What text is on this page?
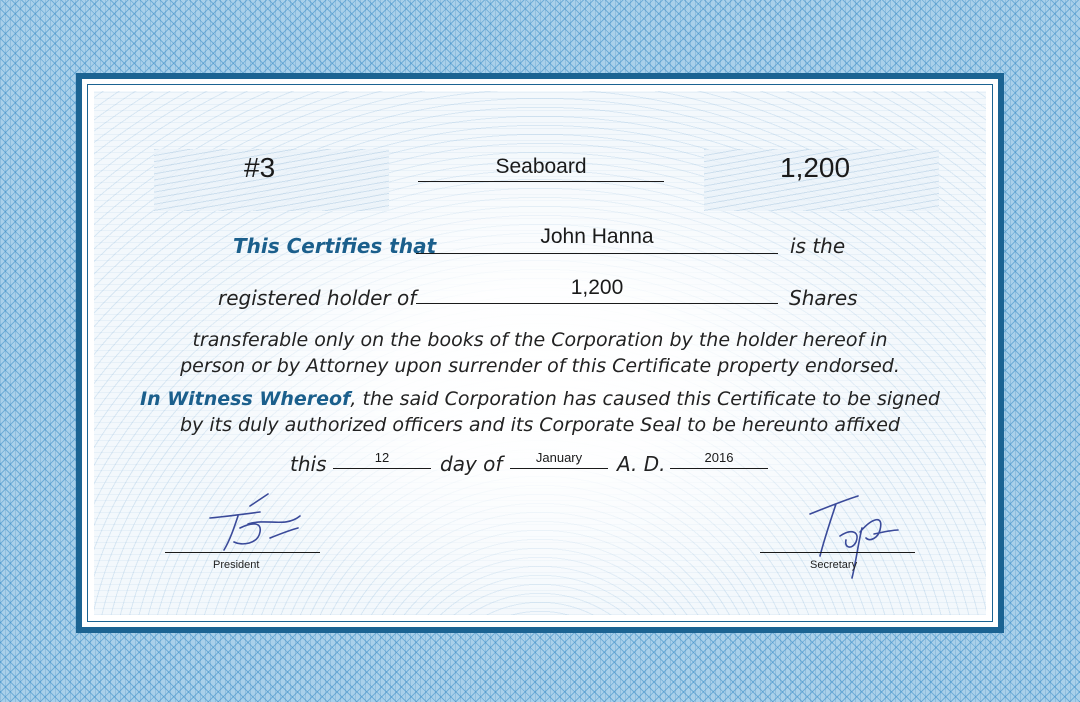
#3	Seaboard	1,200
This Certifies that	John Hanna	is the
registered holder of	1,200	Shares
transferable only on the books of the Corporation by the holder hereof in
person or by Attorney upon surrender of this Certificate property endorsed.
In Witness Whereof, the said Corporation has caused this Certificate to be signed
by its duly authorized officers and its Corporate Seal to be hereunto affixed
this	12	day of	January	A. D.	2016
President	Secretary
